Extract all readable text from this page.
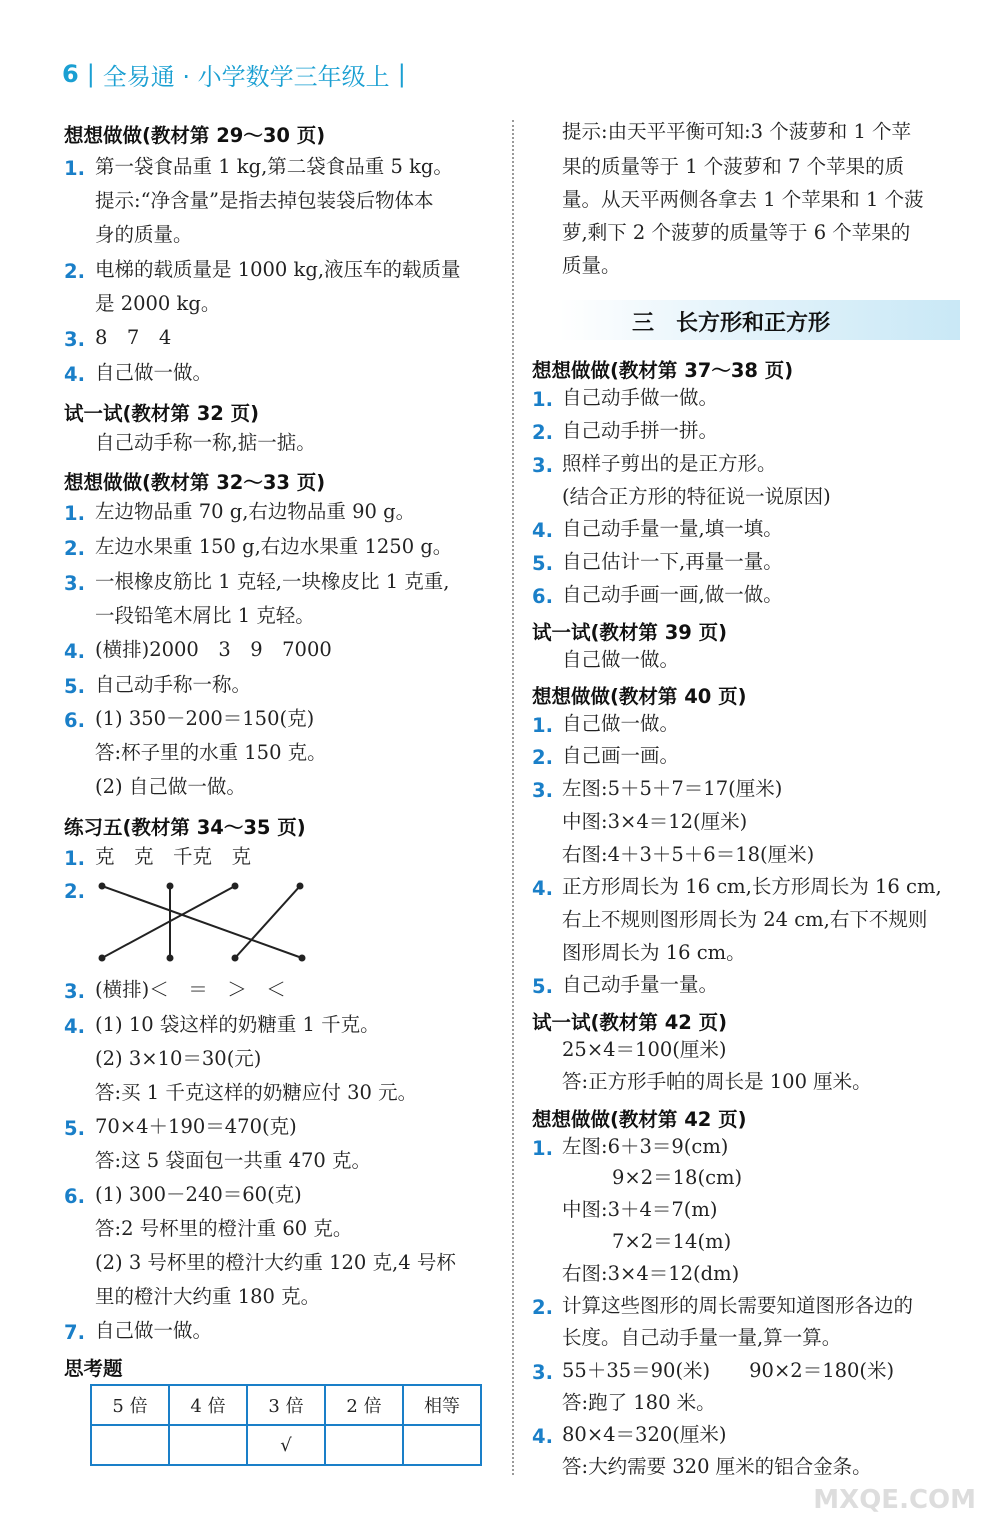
6 | 全易通 · 小学数学三年级上 |
想想做做(教材第 29～30 页)
1. 第一袋食品重 1 kg,第二袋食品重 5 kg。
提示:“净含量”是指去掉包装袋后物体本
身的质量。
2. 电梯的载质量是 1000 kg,液压车的载质量
是 2000 kg。
3. 8　7　4
4. 自己做一做。
试一试(教材第 32 页)
自己动手称一称,掂一掂。
想想做做(教材第 32～33 页)
1. 左边物品重 70 g,右边物品重 90 g。
2. 左边水果重 150 g,右边水果重 1250 g。
3. 一根橡皮筋比 1 克轻,一块橡皮比 1 克重,
一段铅笔木屑比 1 克轻。
4. (横排)2000　3　9　7000
5. 自己动手称一称。
6. (1) 350－200＝150(克)
答:杯子里的水重 150 克。
(2) 自己做一做。
练习五(教材第 34～35 页)
1. 克　克　千克　克
2.
3. (横排)＜　＝　＞　＜
4. (1) 10 袋这样的奶糖重 1 千克。
(2) 3×10＝30(元)
答:买 1 千克这样的奶糖应付 30 元。
5. 70×4＋190＝470(克)
答:这 5 袋面包一共重 470 克。
6. (1) 300－240＝60(克)
答:2 号杯里的橙汁重 60 克。
(2) 3 号杯里的橙汁大约重 120 克,4 号杯
里的橙汁大约重 180 克。
7. 自己做一做。
思考题
5 倍	4 倍	3 倍	2 倍	相等
		√		
提示:由天平平衡可知:3 个菠萝和 1 个苹
果的质量等于 1 个菠萝和 7 个苹果的质
量。从天平两侧各拿去 1 个苹果和 1 个菠
萝,剩下 2 个菠萝的质量等于 6 个苹果的
质量。
三　长方形和正方形
想想做做(教材第 37～38 页)
1. 自己动手做一做。
2. 自己动手拼一拼。
3. 照样子剪出的是正方形。
(结合正方形的特征说一说原因)
4. 自己动手量一量,填一填。
5. 自己估计一下,再量一量。
6. 自己动手画一画,做一做。
试一试(教材第 39 页)
自己做一做。
想想做做(教材第 40 页)
1. 自己做一做。
2. 自己画一画。
3. 左图:5＋5＋7＝17(厘米)
中图:3×4＝12(厘米)
右图:4＋3＋5＋6＝18(厘米)
4. 正方形周长为 16 cm,长方形周长为 16 cm,
右上不规则图形周长为 24 cm,右下不规则
图形周长为 16 cm。
5. 自己动手量一量。
试一试(教材第 42 页)
25×4＝100(厘米)
答:正方形手帕的周长是 100 厘米。
想想做做(教材第 42 页)
1. 左图:6＋3＝9(cm)
9×2＝18(cm)
中图:3＋4＝7(m)
7×2＝14(m)
右图:3×4＝12(dm)
2. 计算这些图形的周长需要知道图形各边的
长度。自己动手量一量,算一算。
3. 55＋35＝90(米)　　90×2＝180(米)
答:跑了 180 米。
4. 80×4＝320(厘米)
答:大约需要 320 厘米的铝合金条。
MXQE.COM
